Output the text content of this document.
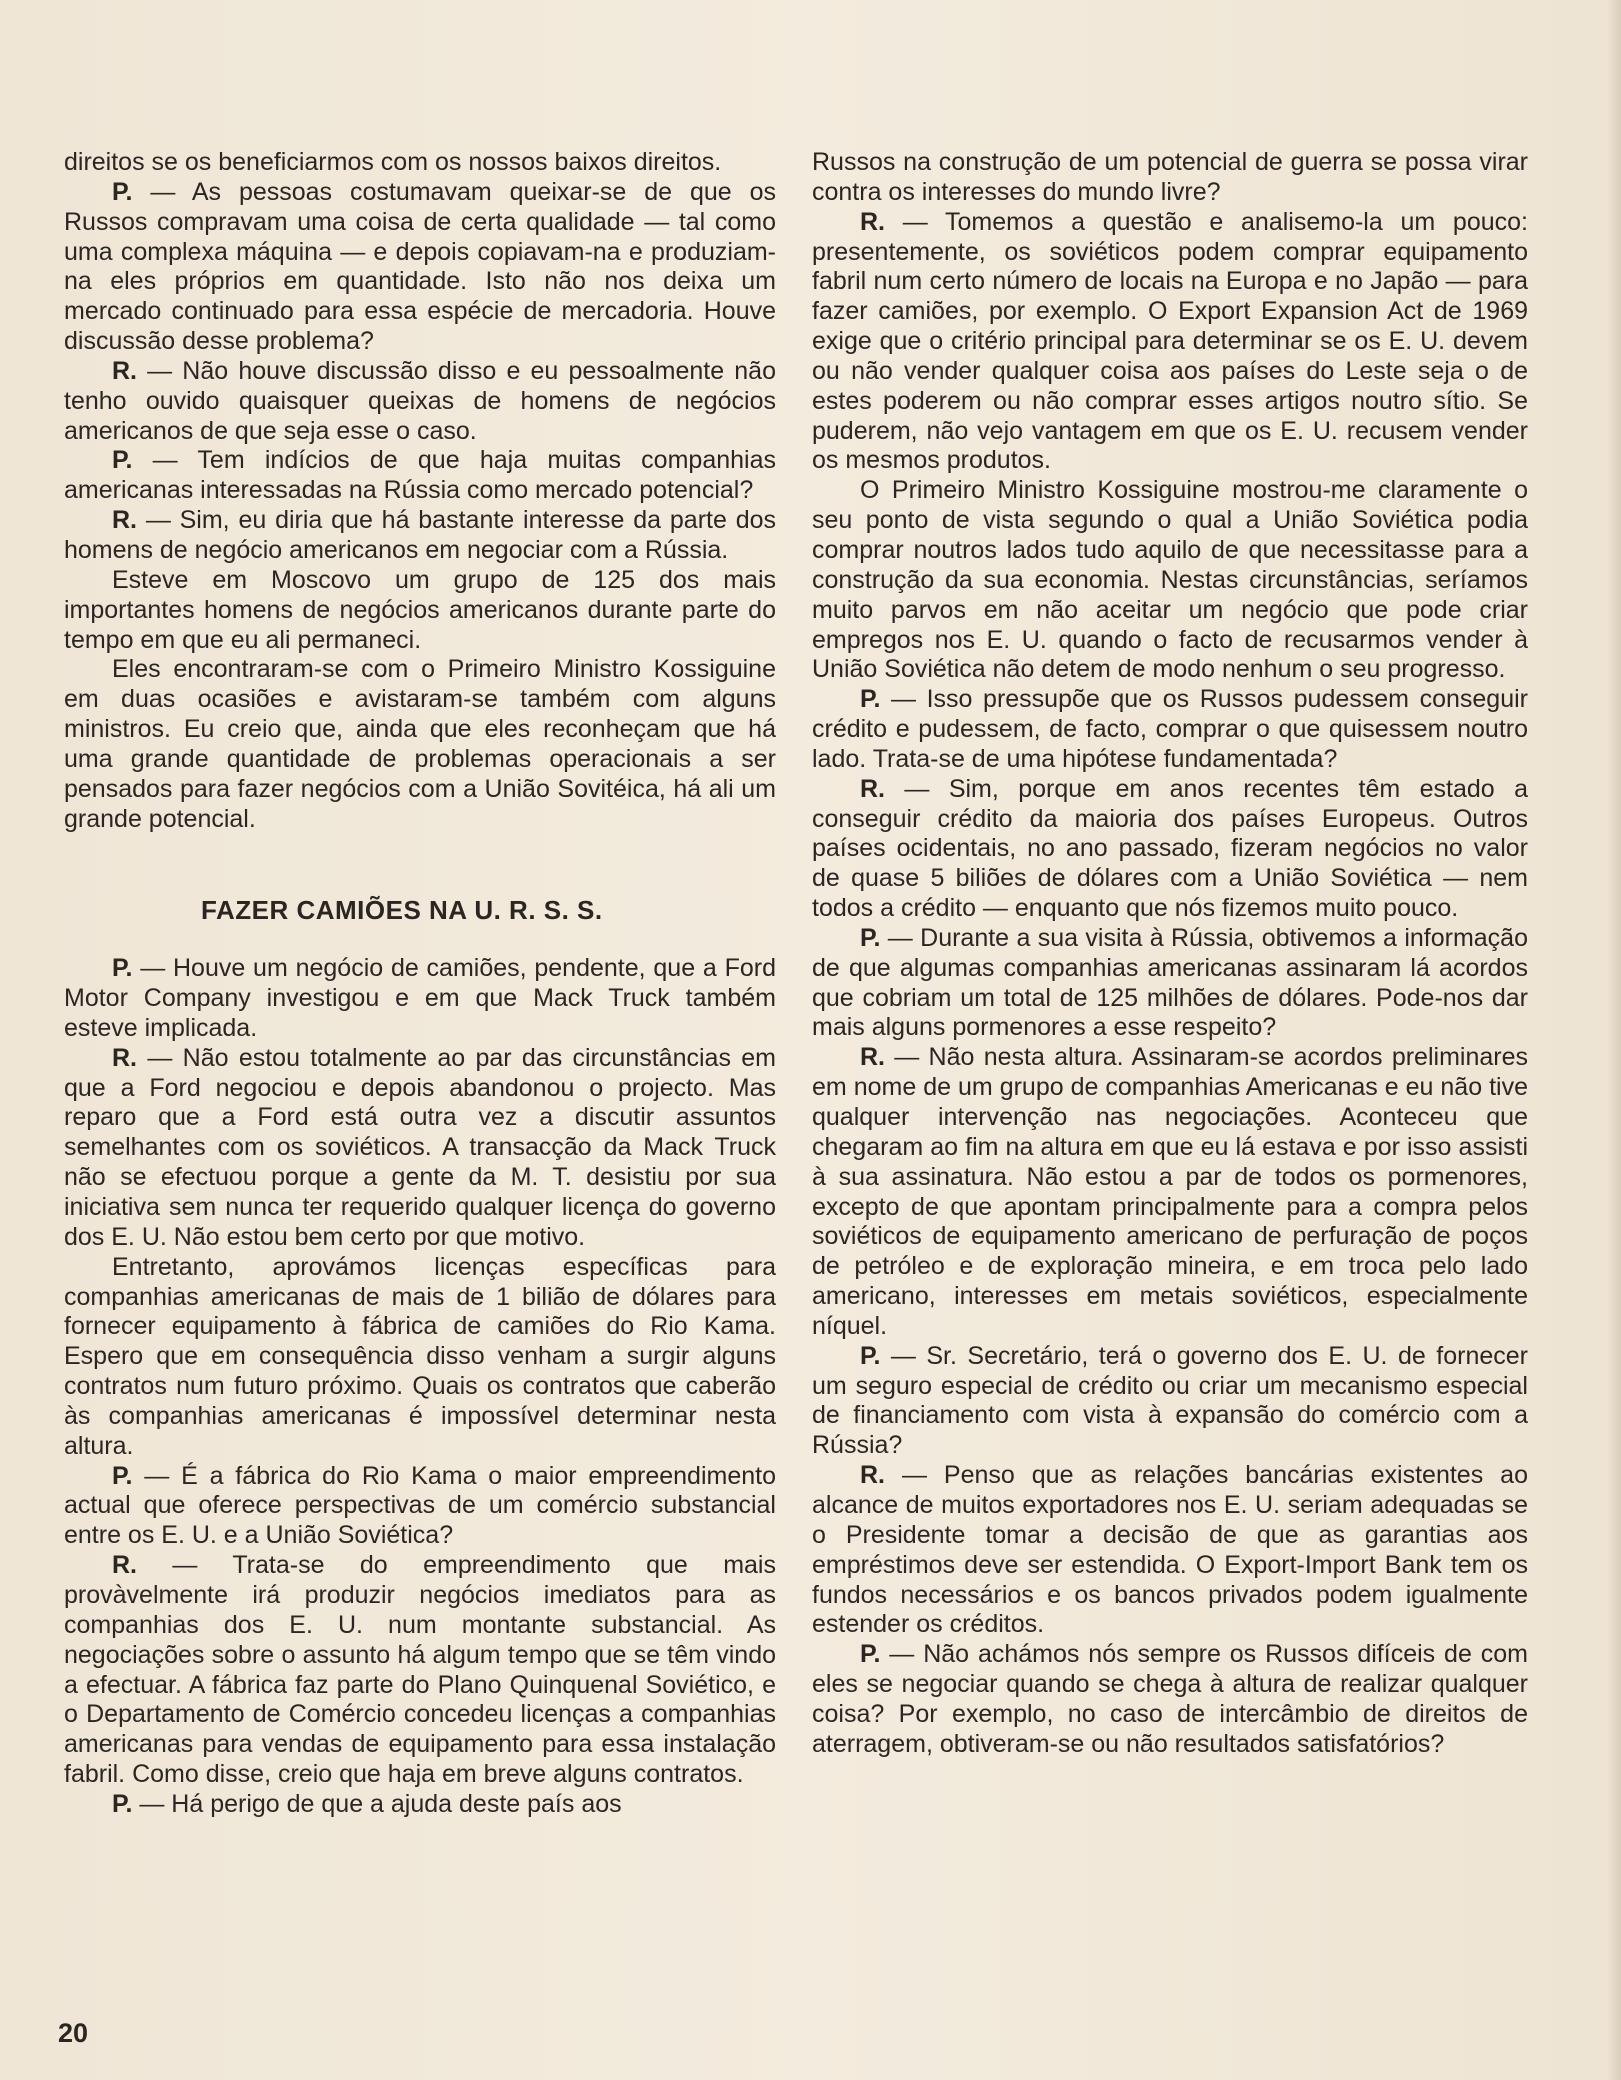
direitos se os beneficiarmos com os nossos baixos direitos.

P. — As pessoas costumavam queixar-se de que os Russos compravam uma coisa de certa qualidade — tal como uma complexa máquina — e depois copiavam-na e produziam-na eles próprios em quantidade. Isto não nos deixa um mercado continuado para essa espécie de mercadoria. Houve discussão desse problema?

R. — Não houve discussão disso e eu pessoalmente não tenho ouvido quaisquer queixas de homens de negócios americanos de que seja esse o caso.

P. — Tem indícios de que haja muitas companhias americanas interessadas na Rússia como mercado potencial?

R. — Sim, eu diria que há bastante interesse da parte dos homens de negócio americanos em negociar com a Rússia.

Esteve em Moscovo um grupo de 125 dos mais importantes homens de negócios americanos durante parte do tempo em que eu ali permaneci.

Eles encontraram-se com o Primeiro Ministro Kossiguine em duas ocasiões e avistaram-se também com alguns ministros. Eu creio que, ainda que eles reconheçam que há uma grande quantidade de problemas operacionais a ser pensados para fazer negócios com a União Sovitéica, há ali um grande potencial.

FAZER CAMIÕES NA U. R. S. S.

P. — Houve um negócio de camiões, pendente, que a Ford Motor Company investigou e em que Mack Truck também esteve implicada.

R. — Não estou totalmente ao par das circunstâncias em que a Ford negociou e depois abandonou o projecto. Mas reparo que a Ford está outra vez a discutir assuntos semelhantes com os soviéticos. A transacção da Mack Truck não se efectuou porque a gente da M. T. desistiu por sua iniciativa sem nunca ter requerido qualquer licença do governo dos E. U. Não estou bem certo por que motivo.

Entretanto, aprovámos licenças específicas para companhias americanas de mais de 1 bilião de dólares para fornecer equipamento à fábrica de camiões do Rio Kama. Espero que em consequência disso venham a surgir alguns contratos num futuro próximo. Quais os contratos que caberão às companhias americanas é impossível determinar nesta altura.

P. — É a fábrica do Rio Kama o maior empreendimento actual que oferece perspectivas de um comércio substancial entre os E. U. e a União Soviética?

R. — Trata-se do empreendimento que mais provàvelmente irá produzir negócios imediatos para as companhias dos E. U. num montante substancial. As negociações sobre o assunto há algum tempo que se têm vindo a efectuar. A fábrica faz parte do Plano Quinquenal Soviético, e o Departamento de Comércio concedeu licenças a companhias americanas para vendas de equipamento para essa instalação fabril. Como disse, creio que haja em breve alguns contratos.

P. — Há perigo de que a ajuda deste país aos

Russos na construção de um potencial de guerra se possa virar contra os interesses do mundo livre?

R. — Tomemos a questão e analisemo-la um pouco: presentemente, os soviéticos podem comprar equipamento fabril num certo número de locais na Europa e no Japão — para fazer camiões, por exemplo. O Export Expansion Act de 1969 exige que o critério principal para determinar se os E. U. devem ou não vender qualquer coisa aos países do Leste seja o de estes poderem ou não comprar esses artigos noutro sítio. Se puderem, não vejo vantagem em que os E. U. recusem vender os mesmos produtos.

O Primeiro Ministro Kossiguine mostrou-me claramente o seu ponto de vista segundo o qual a União Soviética podia comprar noutros lados tudo aquilo de que necessitasse para a construção da sua economia. Nestas circunstâncias, seríamos muito parvos em não aceitar um negócio que pode criar empregos nos E. U. quando o facto de recusarmos vender à União Soviética não detem de modo nenhum o seu progresso.

P. — Isso pressupõe que os Russos pudessem conseguir crédito e pudessem, de facto, comprar o que quisessem noutro lado. Trata-se de uma hipótese fundamentada?

R. — Sim, porque em anos recentes têm estado a conseguir crédito da maioria dos países Europeus. Outros países ocidentais, no ano passado, fizeram negócios no valor de quase 5 biliões de dólares com a União Soviética — nem todos a crédito — enquanto que nós fizemos muito pouco.

P. — Durante a sua visita à Rússia, obtivemos a informação de que algumas companhias americanas assinaram lá acordos que cobriam um total de 125 milhões de dólares. Pode-nos dar mais alguns pormenores a esse respeito?

R. — Não nesta altura. Assinaram-se acordos preliminares em nome de um grupo de companhias Americanas e eu não tive qualquer intervenção nas negociações. Aconteceu que chegaram ao fim na altura em que eu lá estava e por isso assisti à sua assinatura. Não estou a par de todos os pormenores, excepto de que apontam principalmente para a compra pelos soviéticos de equipamento americano de perfuração de poços de petróleo e de exploração mineira, e em troca pelo lado americano, interesses em metais soviéticos, especialmente níquel.

P. — Sr. Secretário, terá o governo dos E. U. de fornecer um seguro especial de crédito ou criar um mecanismo especial de financiamento com vista à expansão do comércio com a Rússia?

R. — Penso que as relações bancárias existentes ao alcance de muitos exportadores nos E. U. seriam adequadas se o Presidente tomar a decisão de que as garantias aos empréstimos deve ser estendida. O Export-Import Bank tem os fundos necessários e os bancos privados podem igualmente estender os créditos.

P. — Não achámos nós sempre os Russos difíceis de com eles se negociar quando se chega à altura de realizar qualquer coisa? Por exemplo, no caso de intercâmbio de direitos de aterragem, obtiveram-se ou não resultados satisfatórios?

20
